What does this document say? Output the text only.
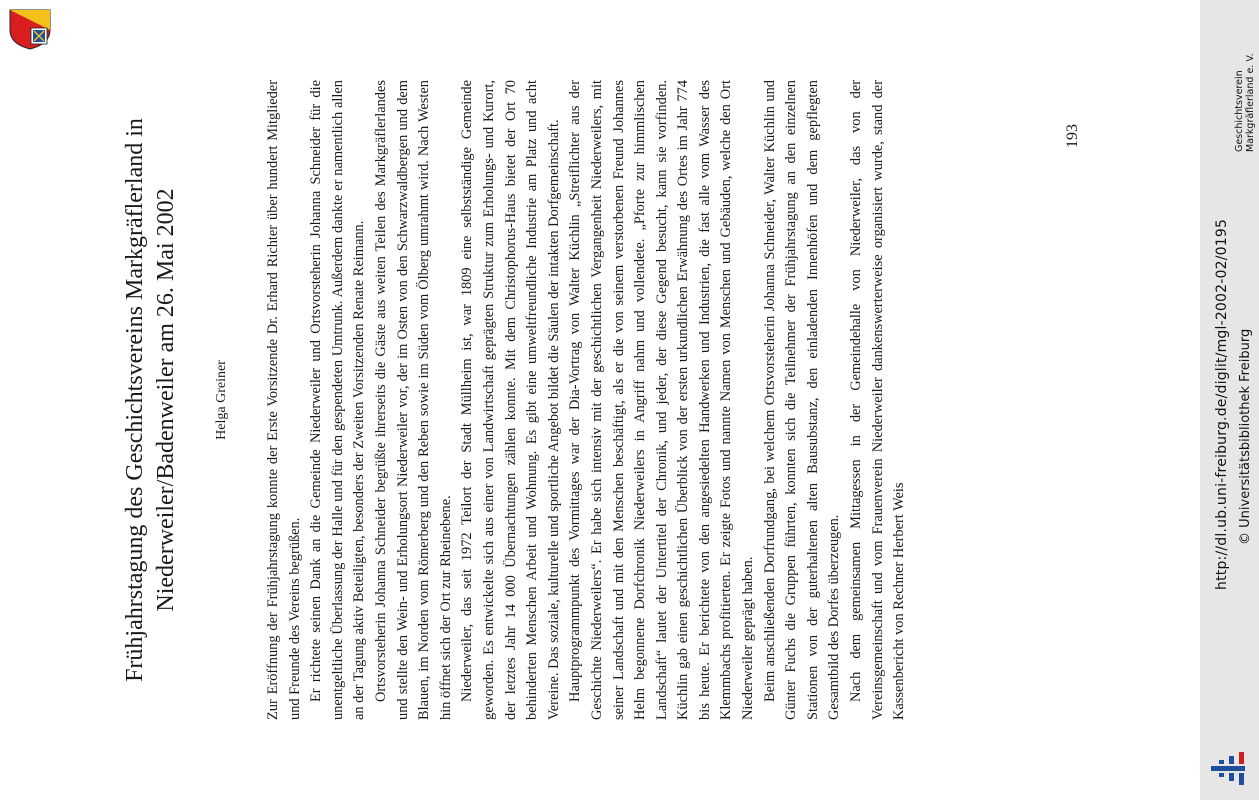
Frühjahrstagung des Geschichtsvereins Markgräflerland in Niederweiler/Badenweiler am 26. Mai 2002	Helga Greiner	Zur Eröffnung der Frühjahrstagung konnte der Erste Vorsitzende Dr. Erhard Richter über hundert Mitglieder und Freunde des Vereins begrüßen. Er richtete seinen Dank an die Gemeinde Niederweiler und Ortsvorsteherin Johanna Schneider für die unentgeltliche Überlassung der Halle und für den gespendeten Umtrunk. Außerdem dankte er namentlich allen an der Tagung aktiv Beteiligten, besonders der Zweiten Vorsitzenden Renate Reimann. Ortsvorsteherin Johanna Schneider begrüßte ihrerseits die Gäste aus weiten Teilen des Markgräflerlandes und stellte den Wein- und Erholungsort Niederweiler vor, der im Osten von den Schwarzwaldbergen und dem Blauen, im Norden vom Römerberg und den Reben sowie im Süden vom Ölberg umrahmt wird. Nach Westen hin öffnet sich der Ort zur Rheinebene. Niederweiler, das seit 1972 Teilort der Stadt Müllheim ist, war 1809 eine selbstständige Gemeinde geworden. Es entwickelte sich aus einer von Landwirtschaft geprägten Struktur zum Erholungs- und Kurort, der letztes Jahr 14 000 Übernachtungen zählen konnte. Mit dem Christophorus-Haus bietet der Ort 70 behinderten Menschen Arbeit und Wohnung. Es gibt eine umweltfreundliche Industrie am Platz und acht Vereine. Das soziale, kulturelle und sportliche Angebot bildet die Säulen der intakten Dorfgemeinschaft. Hauptprogrammpunkt des Vormittages war der Dia-Vortrag von Walter Küchlin „Streiflichter aus der Geschichte Niederweilers“. Er habe sich intensiv mit der geschichtlichen Vergangenheit Niederweilers, mit seiner Landschaft und mit den Menschen beschäftigt, als er die von seinem verstorbenen Freund Johannes Helm begonnene Dorfchronik Niederweilers in Angriff nahm und vollendete. „Pforte zur himmlischen Landschaft“ lautet der Untertitel der Chronik, und jeder, der diese Gegend besucht, kann sie vorfinden. Küchlin gab einen geschichtlichen Überblick von der ersten urkundlichen Erwähnung des Ortes im Jahr 774 bis heute. Er berichtete von den angesiedelten Handwerken und Industrien, die fast alle vom Wasser des Klemmbachs profitierten. Er zeigte Fotos und nannte Namen von Menschen und Gebäuden, welche den Ort Niederweiler geprägt haben. Beim anschließenden Dorfrundgang, bei welchem Ortsvorsteherin Johanna Schneider, Walter Küchlin und Günter Fuchs die Gruppen führten, konnten sich die Teilnehmer der Frühjahrstagung an den einzelnen Stationen von der guterhaltenen alten Bausubstanz, den einladenden Innenhöfen und dem gepflegten Gesamtbild des Dorfes überzeugen. Nach dem gemeinsamen Mittagessen in der Gemeindehalle von Niederweiler, das von der Vereinsgemeinschaft und vom Frauenverein Niederweiler dankenswerterweise organisiert wurde, stand der Kassenbericht von Rechner Herbert Weis

193	Geschichtsverein Markgräflerland e. V.
http://dl.ub.uni-freiburg.de/diglit/mgl-2002-02/0195 © Universitätsbibliothek Freiburg
